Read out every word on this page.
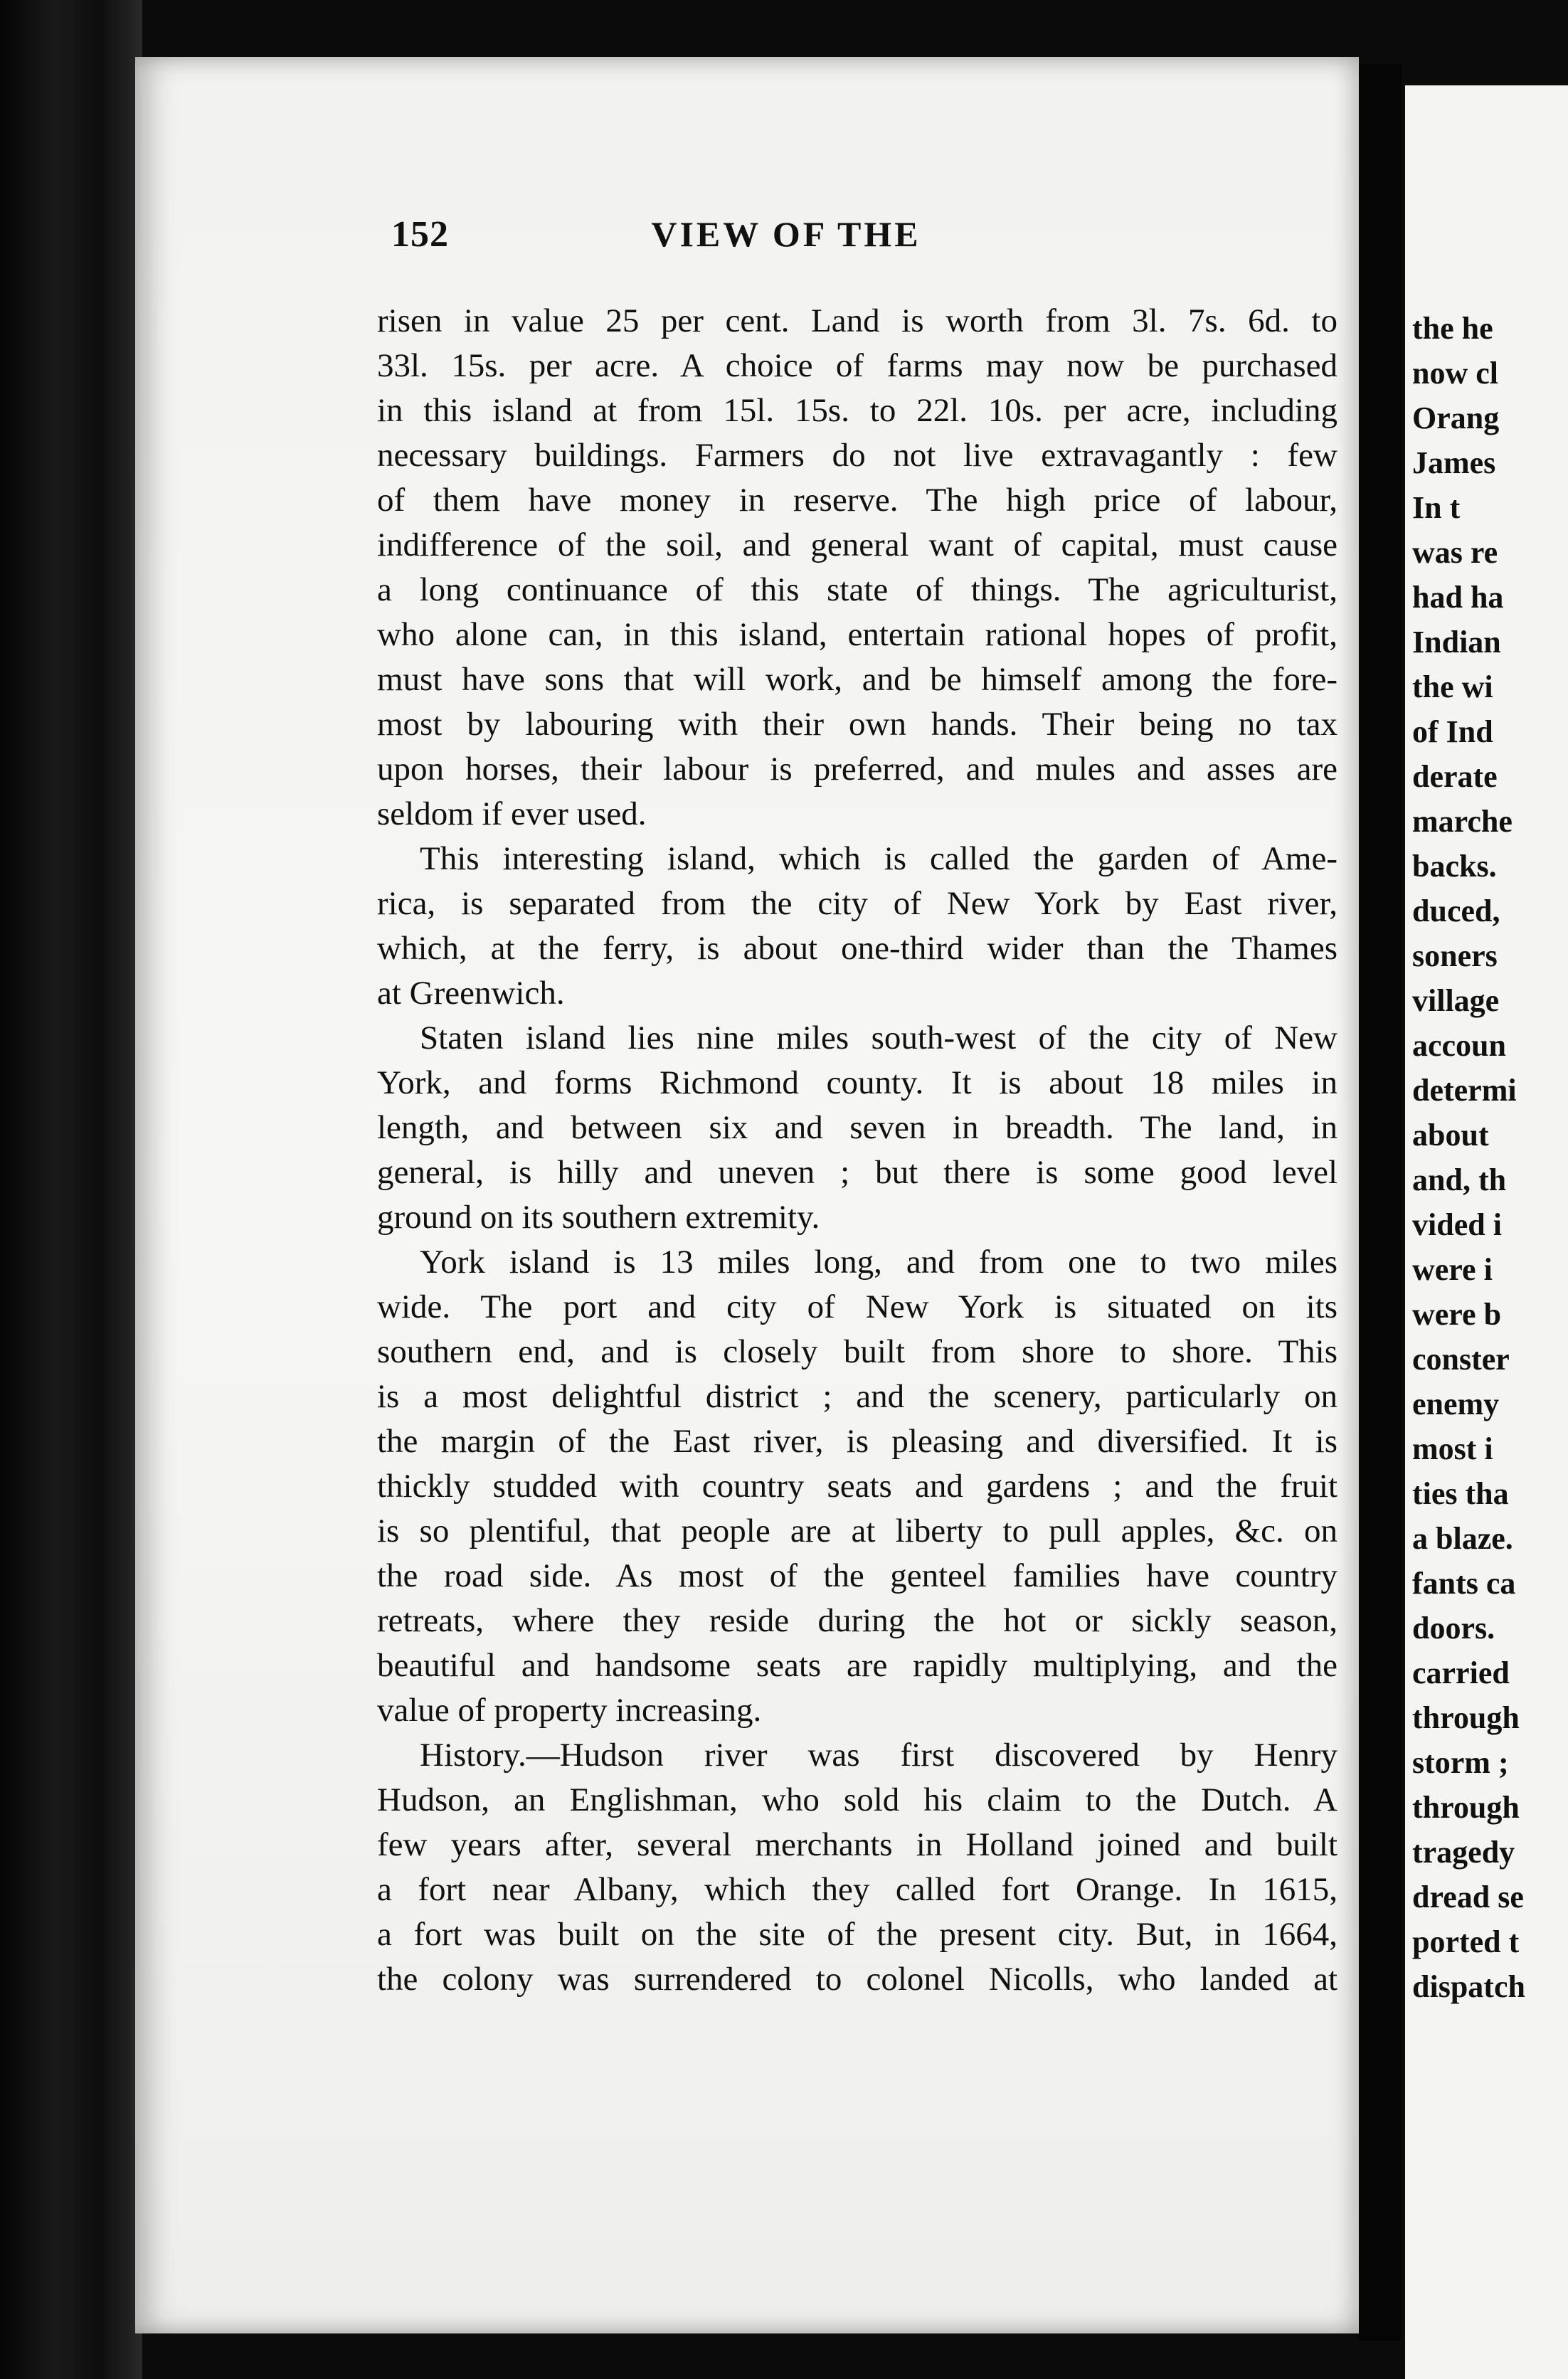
152	VIEW OF THE
risen in value 25 per cent. Land is worth from 3l. 7s. 6d. to
33l. 15s. per acre. A choice of farms may now be purchased
in this island at from 15l. 15s. to 22l. 10s. per acre, including
necessary buildings. Farmers do not live extravagantly : few
of them have money in reserve. The high price of labour,
indifference of the soil, and general want of capital, must cause
a long continuance of this state of things. The agriculturist,
who alone can, in this island, entertain rational hopes of profit,
must have sons that will work, and be himself among the fore-
most by labouring with their own hands. Their being no tax
upon horses, their labour is preferred, and mules and asses are
seldom if ever used.
This interesting island, which is called the garden of Ame-
rica, is separated from the city of New York by East river,
which, at the ferry, is about one-third wider than the Thames
at Greenwich.
Staten island lies nine miles south-west of the city of New
York, and forms Richmond county. It is about 18 miles in
length, and between six and seven in breadth. The land, in
general, is hilly and uneven ; but there is some good level
ground on its southern extremity.
York island is 13 miles long, and from one to two miles
wide. The port and city of New York is situated on its
southern end, and is closely built from shore to shore. This
is a most delightful district ; and the scenery, particularly on
the margin of the East river, is pleasing and diversified. It is
thickly studded with country seats and gardens ; and the fruit
is so plentiful, that people are at liberty to pull apples, &c. on
the road side. As most of the genteel families have country
retreats, where they reside during the hot or sickly season,
beautiful and handsome seats are rapidly multiplying, and the
value of property increasing.
History.—Hudson river was first discovered by Henry
Hudson, an Englishman, who sold his claim to the Dutch. A
few years after, several merchants in Holland joined and built
a fort near Albany, which they called fort Orange. In 1615,
a fort was built on the site of the present city. But, in 1664,
the colony was surrendered to colonel Nicolls, who landed at
the he
now cl
Orang
James
In t
was re
had ha
Indian
the wi
of Ind
derate
marche
backs.
duced,
soners
village
accoun
determi
about
and, th
vided i
were i
were b
conster
enemy
most i
ties tha
a blaze.
fants ca
doors.
carried
through
storm ;
through
tragedy
dread se
ported t
dispatch
